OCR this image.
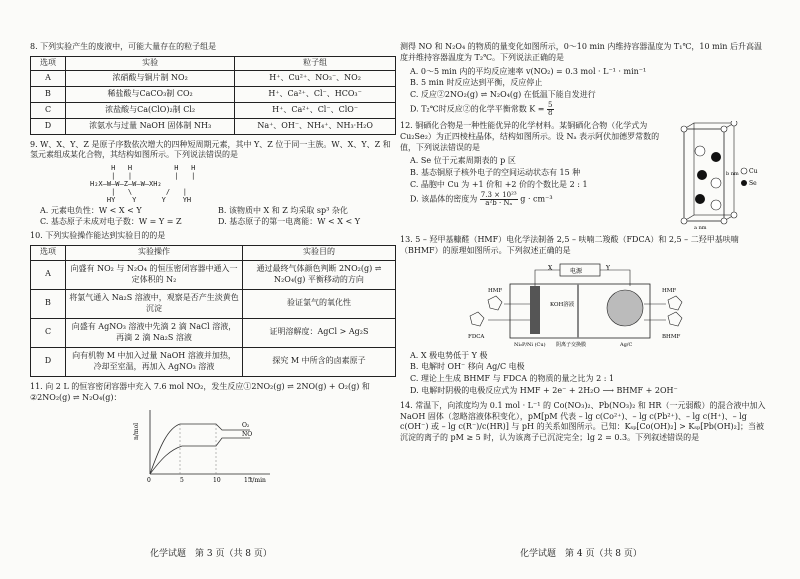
8. 下列实验产生的废液中，可能大量存在的粒子组是
选项	实验	粒子组
A	浓硝酸与铜片制 NO₂	H⁺、Cu²⁺、NO₃⁻、NO₂
B	稀盐酸与CaCO₃制 CO₂	H⁺、Ca²⁺、Cl⁻、HCO₃⁻
C	浓盐酸与Ca(ClO)₂制 Cl₂	H⁺、Ca²⁺、Cl⁻、ClO⁻
D	浓氨水与过量 NaOH 固体制 NH₃	Na⁺、OH⁻、NH₄⁺、NH₃·H₂O
9. W、X、Y、Z 是原子序数依次增大的四种短周期元素，其中 Y、Z 位于同一主族。W、X、Y、Z 和氢元素组成某化合物，其结构如图所示。下列说法错误的是
H   H          H   H
|   |          |   |
H₂X—W—W—Z—W—W—XH₂
|   \        /   |
HY    Y      Y    YH
A. 元素电负性：W < X < Y	B. 该物质中 X 和 Z 均采取 sp³ 杂化
C. 基态原子未成对电子数：W = Y = Z	D. 基态原子的第一电离能：W < X < Y
10. 下列实验操作能达到实验目的的是
选项	实验操作	实验目的
A	向盛有 NO₂ 与 N₂O₄ 的恒压密闭容器中通入一定体积的 N₂	通过最终气体颜色判断 2NO₂(g) ⇌ N₂O₄(g) 平衡移动的方向
B	将氯气通入 Na₂S 溶液中，观察是否产生淡黄色沉淀	验证氯气的氧化性
C	向盛有 AgNO₃ 溶液中先滴 2 滴 NaCl 溶液，再滴 2 滴 Na₂S 溶液	证明溶解度：AgCl > Ag₂S
D	向有机物 M 中加入过量 NaOH 溶液并加热，冷却至室温，再加入 AgNO₃ 溶液	探究 M 中所含的卤素原子
11. 向 2 L 的恒容密闭容器中充入 7.6 mol NO₂，发生反应①2NO₂(g) ⇌ 2NO(g) + O₂(g) 和
②2NO₂(g) ⇌ N₂O₄(g)：
n/mol
t/min
0	5	10	15
O₂
NO
化学试题　第 3 页（共 8 页）
测得 NO 和 N₂O₄ 的物质的量变化如图所示，0～10 min 内维持容器温度为 T₁℃，10 min 后升高温度并维持容器温度为 T₂℃。下列说法正确的是
A. 0～5 min 内的平均反应速率 v(NO₂) = 0.3 mol · L⁻¹ · min⁻¹
B. 5 min 时反应达到平衡，反应停止
C. 反应②2NO₂(g) ⇌ N₂O₄(g) 在低温下能自发进行
D. T₂℃时反应②的化学平衡常数 $K = \frac{5}{8}$
12. 铜硒化合物是一种性能优异的化学材料。某铜硒化合物（化学式为 Cu₂Se₂）为正四棱柱晶体，结构如图所示。设 Nₐ 表示阿伏加德罗常数的值，下列说法错误的是
A. Se 位于元素周期表的 p 区
B. 基态铜原子核外电子的空间运动状态有 15 种
C. 晶胞中 Cu 为 +1 价和 +2 价的个数比是 2 : 1
D. 该晶体的密度为 $\frac{\text{7.3 × 10²³}}{\text{a²b · Nₐ}}$ g · cm⁻³
b nm
a nm
Cu
Se
13. 5 – 羟甲基糠醛（HMF）电化学法制备 2,5 – 呋喃二羧酸（FDCA）和 2,5 – 二羟甲基呋喃（BHMF）的原理如图所示。下列叙述正确的是
电源
X	Y
KOH溶液
Ni₂P/Ni (Cu)	Ag/C
阴离子交换膜
HMF
FDCA
HMF
BHMF
A. X 极电势低于 Y 极
B. 电解时 OH⁻ 移向 Ag/C 电极
C. 理论上生成 BHMF 与 FDCA 的物质的量之比为 2 : 1
D. 电解时阴极的电极反应式为 HMF + 2e⁻ + 2H₂O ⟶ BHMF + 2OH⁻
14. 常温下，向浓度均为 0.1 mol · L⁻¹ 的 Co(NO₃)₂、Pb(NO₃)₂ 和 HR（一元弱酸）的混合液中加入 NaOH 固体（忽略溶液体积变化），pM[pM 代表 – lg c(Co²⁺)、– lg c(Pb²⁺)、– lg c(H⁺)、– lg c(OH⁻) 或 – lg c(R⁻)/c(HR)] 与 pH 的关系如图所示。已知：Kₛₚ[Co(OH)₂] > Kₛₚ[Pb(OH)₂]；当被沉淀的离子的 pM ≥ 5 时，认为该离子已沉淀完全；lg 2 = 0.3。下列叙述错误的是
化学试题　第 4 页（共 8 页）
